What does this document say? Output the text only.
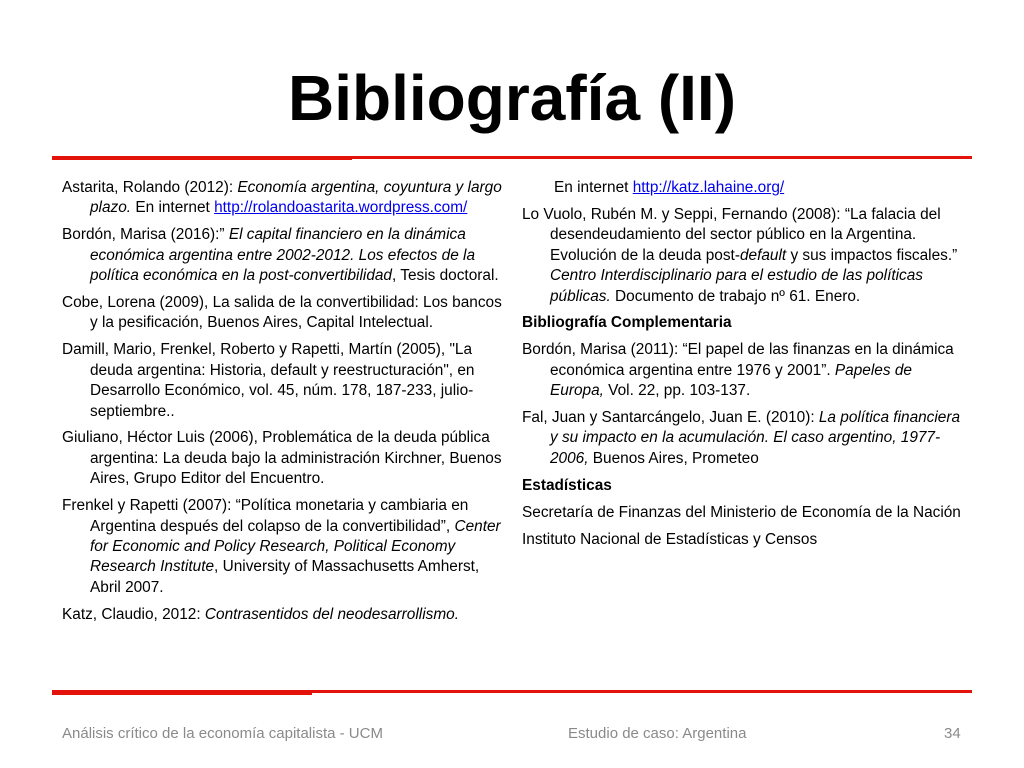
Bibliografía (II)

Astarita, Rolando (2012): Economía argentina, coyuntura y largo plazo. En internet http://rolandoastarita.wordpress.com/

Bordón, Marisa (2016):” El capital financiero en la dinámica económica argentina entre 2002-2012. Los efectos de la política económica en la post-convertibilidad, Tesis doctoral.

Cobe, Lorena (2009), La salida de la convertibilidad: Los bancos y la pesificación, Buenos Aires, Capital Intelectual.

Damill, Mario, Frenkel, Roberto y Rapetti, Martín (2005), "La deuda argentina: Historia, default y reestructuración", en Desarrollo Económico, vol. 45, núm. 178, 187-233, julio-septiembre..

Giuliano, Héctor Luis (2006), Problemática de la deuda pública argentina: La deuda bajo la administración Kirchner, Buenos Aires, Grupo Editor del Encuentro.

Frenkel y Rapetti (2007): “Política monetaria y cambiaria en Argentina después del colapso de la convertibilidad”, Center for Economic and Policy Research, Political Economy Research Institute, University of Massachusetts Amherst, Abril 2007.

Katz, Claudio, 2012: Contrasentidos del neodesarrollismo.

En internet http://katz.lahaine.org/

Lo Vuolo, Rubén M. y Seppi, Fernando (2008): “La falacia del desendeudamiento del sector público en la Argentina. Evolución de la deuda post-default y sus impactos fiscales.” Centro Interdisciplinario para el estudio de las políticas públicas. Documento de trabajo nº 61. Enero.

Bibliografía Complementaria

Bordón, Marisa (2011): “El papel de las finanzas en la dinámica económica argentina entre 1976 y 2001”. Papeles de Europa, Vol. 22, pp. 103-137.

Fal, Juan y Santarcángelo, Juan E. (2010): La política financiera y su impacto en la acumulación. El caso argentino, 1977-2006, Buenos Aires, Prometeo

Estadísticas

Secretaría de Finanzas del Ministerio de Economía de la Nación

Instituto Nacional de Estadísticas y Censos

Análisis crítico de la economía capitalista - UCM	Estudio de caso: Argentina	34
